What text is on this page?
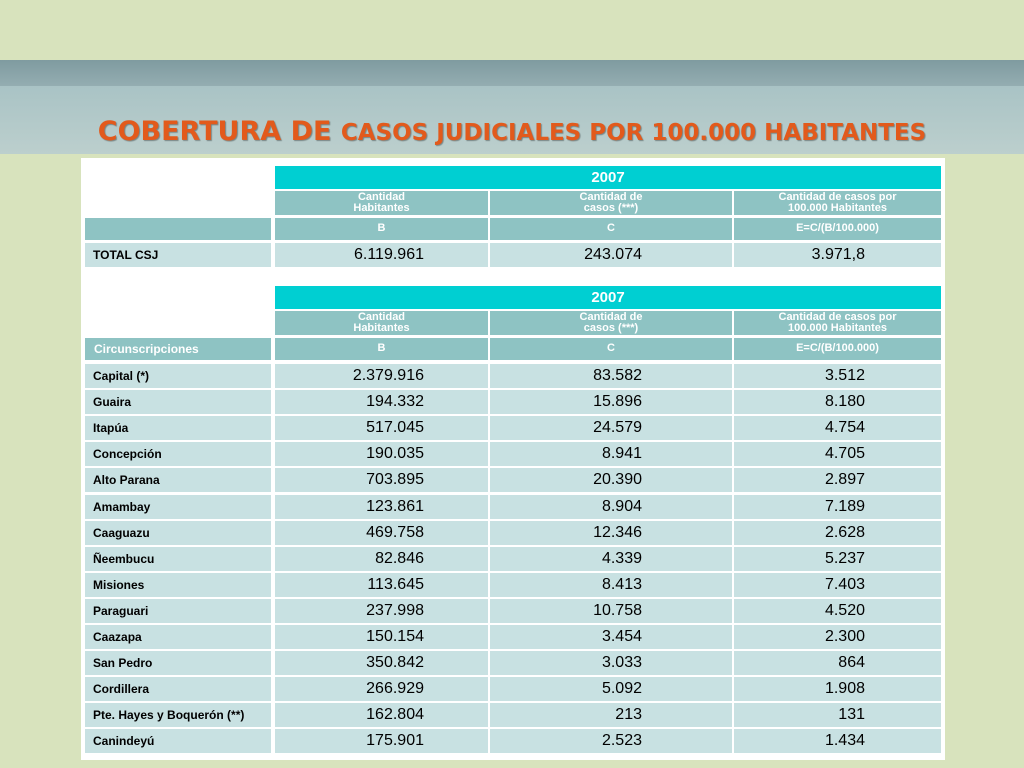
COBERTURA DE CASOS JUDICIALES POR 100.000 HABITANTES
2007
Cantidad
Habitantes
Cantidad de
casos (***)
Cantidad de casos por
100.000 Habitantes
B	C	E=C/(B/100.000)
TOTAL CSJ	6.119.961	243.074	3.971,8
2007
Cantidad
Habitantes
Cantidad de
casos (***)
Cantidad de casos por
100.000 Habitantes
Circunscripciones	B	C	E=C/(B/100.000)
Capital (*)	2.379.916	83.582	3.512
Guaira	194.332	15.896	8.180
Itapúa	517.045	24.579	4.754
Concepción	190.035	8.941	4.705
Alto Parana	703.895	20.390	2.897
Amambay	123.861	8.904	7.189
Caaguazu	469.758	12.346	2.628
Ñeembucu	82.846	4.339	5.237
Misiones	113.645	8.413	7.403
Paraguari	237.998	10.758	4.520
Caazapa	150.154	3.454	2.300
San Pedro	350.842	3.033	864
Cordillera	266.929	5.092	1.908
Pte. Hayes y Boquerón (**)	162.804	213	131
Canindeyú	175.901	2.523	1.434
